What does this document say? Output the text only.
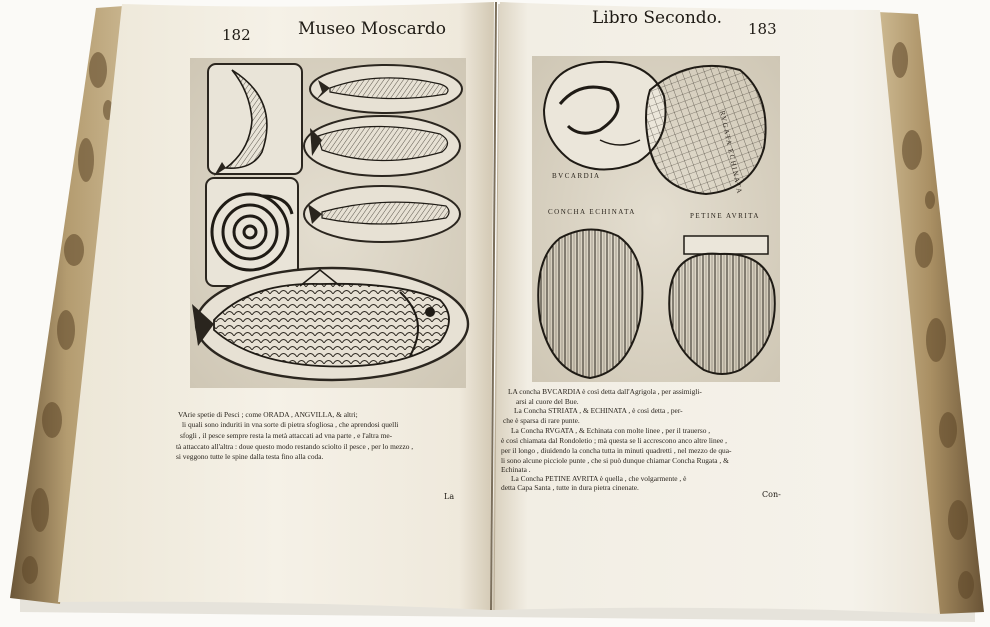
182	Museo Moscardo
VArie spetie di Pesci ; come ORADA , ANGVILLA, & altri;
li quali sono induriti in vna sorte di pietra sfogliosa , che aprendosi quelli
sfogli , il pesce sempre resta la metà attaccati ad vna parte , e l'altra me-
tà attaccato all'altra : doue questo modo restando sciolto il pesce , per lo mezzo ,
si veggono tutte le spine dalla testa fino alla coda.
La
Libro Secondo.
183
BVCARDIA	RVGATA ECHINATA
CONCHA ECHINATA	PETINE AVRITA
LA concha BVCARDIA è così detta dall'Agrigola , per assimigli-
arsi al cuore del Bue.
La Concha STRIATA , & ECHINATA , è così detta , per-
che è sparsa di rare punte.
La Concha RVGATA , & Echinata con molte linee , per il trauerso ,
è così chiamata dal Rondoletio ; mà questa se li accrescono anco altre linee ,
per il longo , diuidendo la concha tutta in minuti quadretti , nel mezzo de qua-
li sono alcune picciole punte , che si può dunque chiamar Concha Rugata , &
Echinata .
La Concha PETINE AVRITA è quella , che volgarmente , è
detta Capa Santa , tutte in dura pietra cinenate.
Con-
